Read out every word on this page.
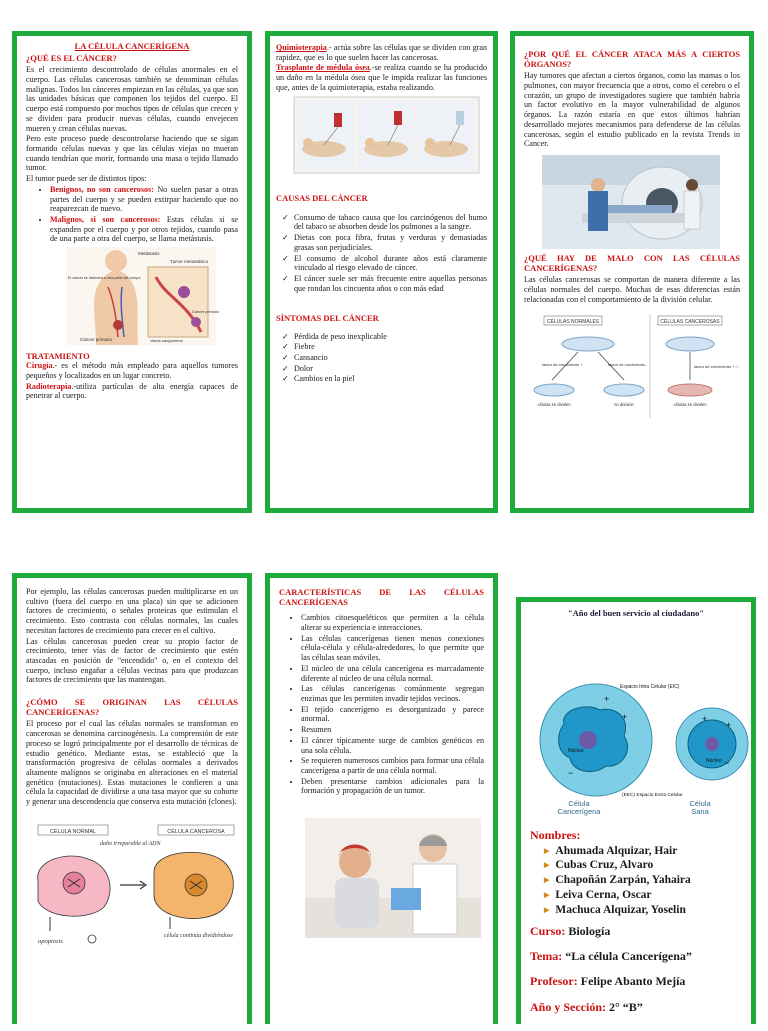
LA CÉLULA CANCERÍGENA
¿QUÉ ES EL CÁNCER?

Es el crecimiento descontrolado de células anormales en el cuerpo. Las células cancerosas también se denominan células malignas. Todos los cánceres empiezan en las células, ya que son las unidades básicas que componen los tejidos del cuerpo. El cuerpo está compuesto por muchos tipos de células que crecen y se dividen para producir nuevas células, cuando envejecen mueren y crean células nuevas.

Pero este proceso puede descontrolarse haciendo que se sigan formando células nuevas y que las células viejas no mueran cuando tendrían que morir, formando una masa o tejido llamado tumor.

El tumor puede ser de distintos tipos:

• Benignos, no son cancerosos: No suelen pasar a otras partes del cuerpo y se pueden extirpar haciendo que no reaparezcan de nuevo.
• Malignos, si son cancerosos: Estas células si se expanden por el cuerpo y por otros tejidos, cuando pasa de una parte a otra del cuerpo, se llama metástasis.
Metástasis
Tumor metastásico
El cáncer se disemina a otra parte del cuerpo
Vasos sanguíneos
Cáncer primario
Cáncer primario
TRATAMIENTO

Cirugía.- es el método más empleado para aquellos tumores pequeños y localizados en un lugar concreto.

Radioterapia.-utiliza partículas de alta energía capaces de penetrar al cuerpo.

Quimioterapia.- actúa sobre las células que se dividen con gran rapidez, que es lo que suelen hacer las cancerosas.

Trasplante de médula ósea.-se realiza cuando se ha producido un daño en la médula ósea que le impida realizar las funciones que, antes de la quimioterapia, estaba realizando.

CAUSAS DEL CÁNCER
✓ Consumo de tabaco causa que los carcinógenos del humo del tabaco se absorben desde los pulmones a la sangre.
✓ Dietas con poca fibra, frutas y verduras y demasiadas grasas son perjudiciales.
✓ El consumo de alcohol durante años está claramente vinculado al riesgo elevado de cáncer.
✓ El cáncer suele ser más frecuente entre aquellas personas que rondan los cincuenta años o con más edad
SÍNTOMAS DEL CÁNCER
✓ Pérdida de peso inexplicable
✓ Fiebre
✓ Cansancio
✓ Dolor
✓ Cambios en la piel
¿POR QUÉ EL CÁNCER ATACA MÁS A CIERTOS ÓRGANOS?

Hay tumores que afectan a ciertos órganos, como las mamas o los pulmones, con mayor frecuencia que a otros, como el cerebro o el corazón, un grupo de investigadores sugiere que también habría un factor evolutivo en la mayor vulnerabilidad de algunos órganos. La razón estaría en que estos últimos habrían desarrollado mejores mecanismos para defenderse de las células cancerosas, según el estudio publicado en la revista Trends in Cancer.

¿QUÉ HAY DE MALO CON LAS CÉLULAS CANCERÍGENAS?

Las células cancerosas se comportan de manera diferente a las células normales del cuerpo. Muchas de esas diferencias están relacionadas con el comportamiento de la división celular.

CÉLULAS NORMALES	CÉLULAS CANCEROSAS
factor de crecimiento +	factor de crecimiento -	factor de crecimiento + / -
células se dividen	no división	células se dividen

Por ejemplo, las células cancerosas pueden multiplicarse en un cultivo (fuera del cuerpo en una placa) sin que se adicionen factores de crecimiento, o señales proteicas que estimulan el crecimiento. Esto contrasta con células normales, las cuales necesitan factores de crecimiento para crecer en el cultivo.

Las células cancerosas pueden crear su propio factor de crecimiento, tener vías de factor de crecimiento que estén atascadas en posición de "encendido" o, en el contexto del cuerpo, incluso engañar a células vecinas para que produzcan factores de crecimiento que las mantengan.

¿CÓMO SE ORIGINAN LAS CÉLULAS CANCERÍGENAS?

El proceso por el cual las células normales se transforman en cancerosas se denomina carcinogénesis. La comprensión de este proceso se logró principalmente por el desarrollo de técnicas de estudio genético. Mediante estas, se estableció que la transformación progresiva de células normales a derivados altamente malignos se originaba en alteraciones en el material genético (mutaciones). Estas mutaciones le confieren a una célula la capacidad de dividirse a una tasa mayor que su cohorte y generar una descendencia que conserva esta mutación (clones).

CÉLULA NORMAL	CÉLULA CANCEROSA
daño irreparable al ADN
apoptosis
célula continúa dividiéndose
CARACTERÍSTICAS DE LAS CÉLULAS CANCERÍGENAS
• Cambios citoesqueléticos que permiten a la célula alterar su experiencia e interacciones.
• Las células cancerígenas tienen menos conexiones célula-célula y célula-alrededores, lo que permite que las células sean móviles.
• El núcleo de una célula cancerígena es marcadamente diferente al núcleo de una célula normal.
• Las células cancerígenas comúnmente segregan enzimas que les permiten invadir tejidos vecinos.
• El tejido cancerígeno es desorganizado y parece anormal.
• Resumen
• El cáncer típicamente surge de cambios genéticos en una sola célula.
• Se requieren numerosos cambios para formar una célula cancerígena a partir de una célula normal.
• Deben presentarse cambios adicionales para la formación y propagación de un tumor.
"Año del buen servicio al ciudadano"
+
+
−
+
+
−
Espacio Intra Celular (EIC)
Núcleo
Núcleo
(EEC) Espacio Extra Celular
Célula Cancerígena
Célula Sana
Nombres:
▶ Ahumada Alquizar, Hair
▶ Cubas Cruz, Alvaro
▶ Chapoñán Zarpán, Yahaira
▶ Leiva Cerna, Oscar
▶ Machuca Alquizar, Yoselin
Curso: Biología
Tema: “La célula Cancerígena”
Profesor: Felipe Abanto Mejía
Año y Sección: 2° “B”
